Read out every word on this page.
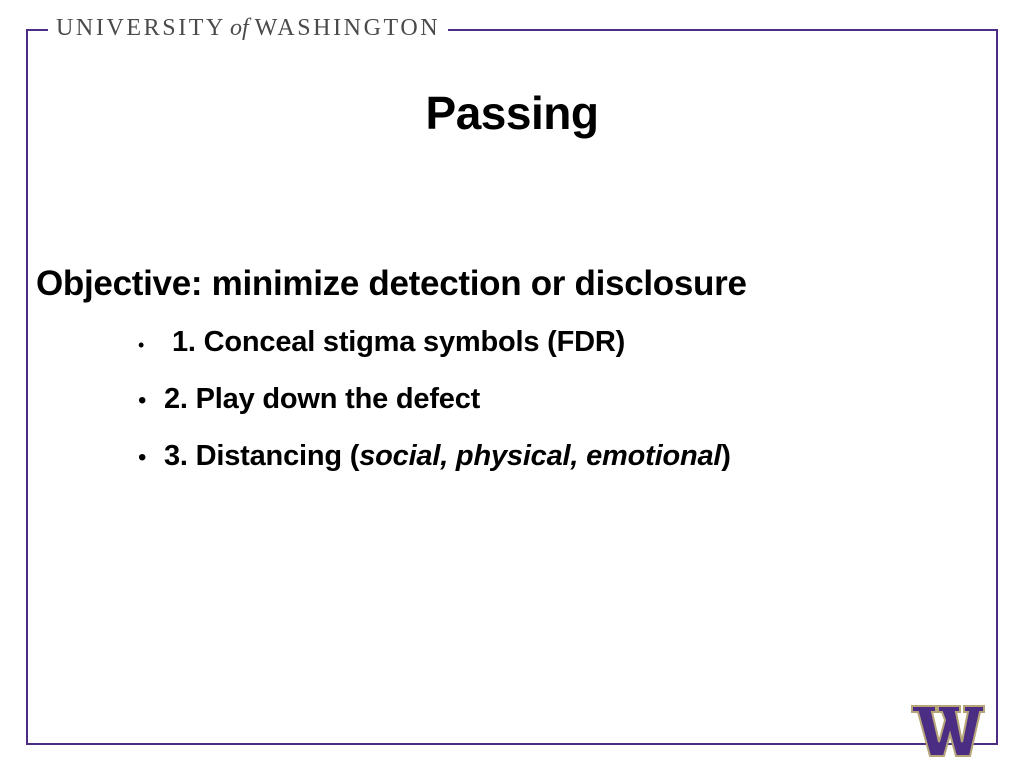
UNIVERSITY of WASHINGTON
Passing
Objective: minimize detection or disclosure
• 1. Conceal stigma symbols (FDR)
• 2. Play down the defect
• 3. Distancing ( social, physical, emotional )
